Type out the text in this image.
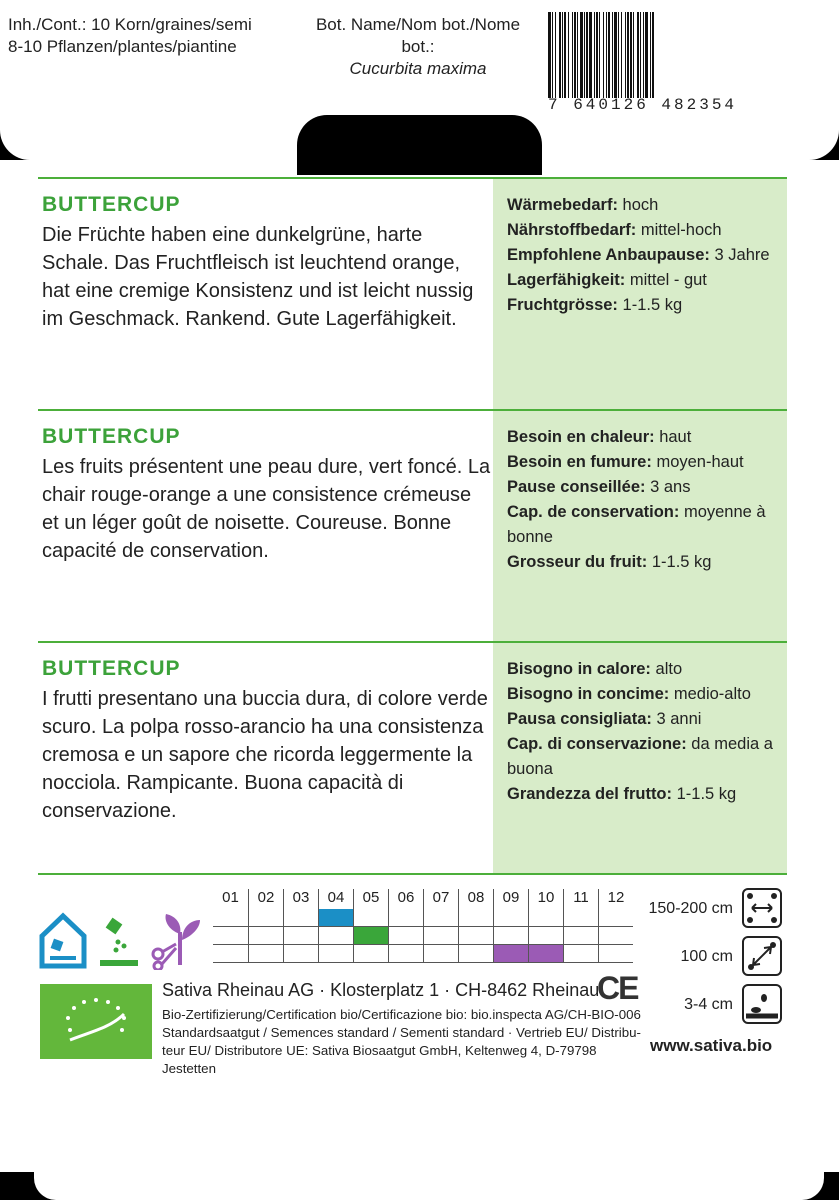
Inh./Cont.: 10 Korn/graines/semi
8-10 Pflanzen/plantes/piantine
Bot. Name/Nom bot./Nome bot.:
Cucurbita maxima
7 640126 482354
BUTTERCUP
Die Früchte haben eine dunkelgrüne, harte Schale. Das Fruchtfleisch ist leuchtend orange, hat eine cremige Konsistenz und ist leicht nussig im Geschmack. Rankend. Gute Lagerfähigkeit.
Wärmebedarf: hoch
Nährstoffbedarf: mittel-hoch
Empfohlene Anbaupause: 3 Jahre
Lagerfähigkeit: mittel - gut
Fruchtgrösse: 1-1.5 kg
BUTTERCUP
Les fruits présentent une peau dure, vert foncé. La chair rouge-orange a une consistence crémeuse et un léger goût de noisette. Coureuse. Bonne capacité de conservation.
Besoin en chaleur: haut
Besoin en fumure: moyen-haut
Pause conseillée: 3 ans
Cap. de conservation: moyenne à bonne
Grosseur du fruit: 1-1.5 kg
BUTTERCUP
I frutti presentano una buccia dura, di colore verde scuro. La polpa rosso-arancio ha una consistenza cremosa e un sapore che ricorda leggermente la nocciola. Rampicante. Buona capacità di conservazione.
Bisogno in calore: alto
Bisogno in concime: medio-alto
Pausa consigliata: 3 anni
Cap. di conservazione: da media a buona
Grandezza del frutto: 1-1.5 kg
01	02	03	04	05	06	07	08	09	10	11	12
150-200 cm
100 cm
3-4 cm
Sativa Rheinau AG · Klosterplatz 1 · CH-8462 Rheinau
CE
Bio-Zertifizierung/Certification bio/Certificazione bio: bio.inspecta AG/CH-BIO-006
Standardsaatgut / Semences standard / Sementi standard · Vertrieb EU/ Distribu-
teur EU/ Distributore UE: Sativa Biosaatgut GmbH, Keltenweg 4, D-79798 Jestetten
www.sativa.bio
